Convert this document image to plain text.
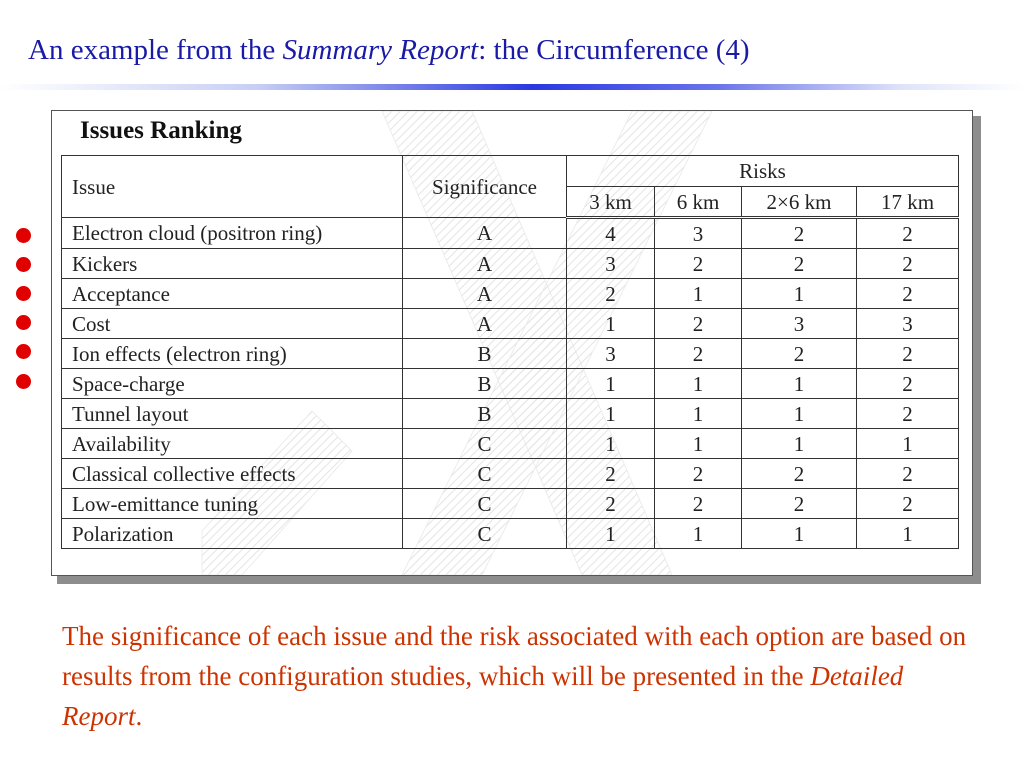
An example from the Summary Report: the Circumference (4)
Issues Ranking
Issue	Significance	Risks			
		3 km	6 km	2×6 km	17 km
Electron cloud (positron ring)	A	4	3	2	2
Kickers	A	3	2	2	2
Acceptance	A	2	1	1	2
Cost	A	1	2	3	3
Ion effects (electron ring)	B	3	2	2	2
Space-charge	B	1	1	1	2
Tunnel layout	B	1	1	1	2
Availability	C	1	1	1	1
Classical collective effects	C	2	2	2	2
Low-emittance tuning	C	2	2	2	2
Polarization	C	1	1	1	1

The significance of each issue and the risk associated with each option are based on results from the configuration studies, which will be presented in the Detailed Report.
